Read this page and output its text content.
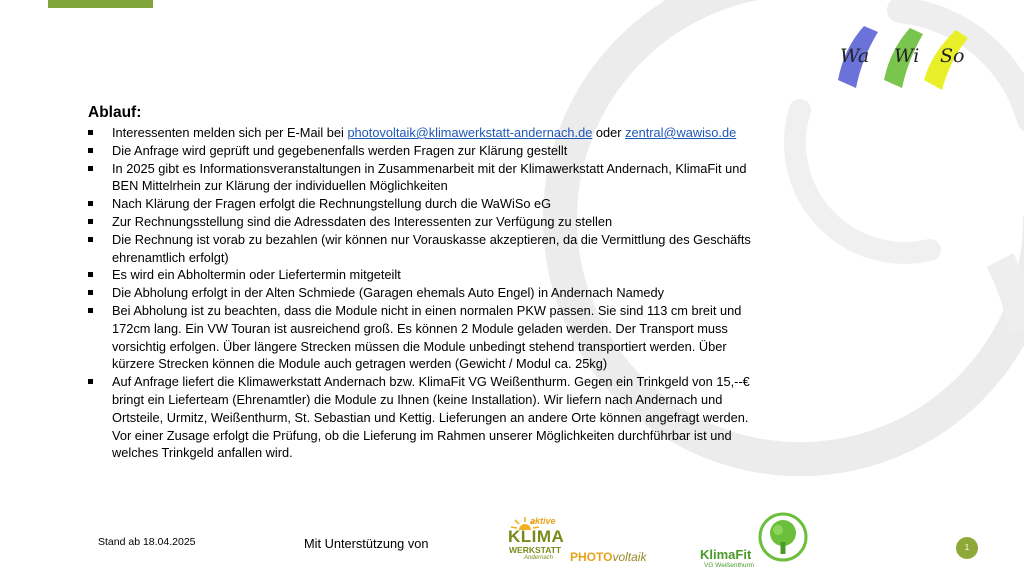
Wa Wi So
Ablauf:
Interessenten melden sich per E-Mail bei photovoltaik@klimawerkstatt-andernach.de oder zentral@wawiso.de
Die Anfrage wird geprüft und gegebenenfalls werden Fragen zur Klärung gestellt
In 2025 gibt es Informationsveranstaltungen in Zusammenarbeit mit der Klimawerkstatt Andernach, KlimaFit und BEN Mittelrhein zur Klärung der individuellen Möglichkeiten
Nach Klärung der Fragen erfolgt die Rechnungstellung durch die WaWiSo eG
Zur Rechnungsstellung sind die Adressdaten des Interessenten zur Verfügung zu stellen
Die Rechnung ist vorab zu bezahlen (wir können nur Vorauskasse akzeptieren, da die Vermittlung des Geschäfts ehrenamtlich erfolgt)
Es wird ein Abholtermin oder Liefertermin mitgeteilt
Die Abholung erfolgt in der Alten Schmiede (Garagen ehemals Auto Engel) in Andernach Namedy
Bei Abholung ist zu beachten, dass die Module nicht in einen normalen PKW passen. Sie sind 113 cm breit und 172cm lang. Ein VW Touran ist ausreichend groß. Es können 2 Module geladen werden. Der Transport muss vorsichtig erfolgen. Über längere Strecken müssen die Module unbedingt stehend transportiert werden. Über kürzere Strecken können die Module auch getragen werden (Gewicht / Modul ca. 25kg)
Auf Anfrage liefert die Klimawerkstatt Andernach bzw. KlimaFit VG Weißenthurm. Gegen ein Trinkgeld von 15,--€ bringt ein Lieferteam (Ehrenamtler) die Module zu Ihnen (keine Installation). Wir liefern nach Andernach und Ortsteile, Urmitz, Weißenthurm, St. Sebastian und Kettig. Lieferungen an andere Orte können angefragt werden. Vor einer Zusage erfolgt die Prüfung, ob die Lieferung im Rahmen unserer Möglichkeiten durchführbar ist und welches Trinkgeld anfallen wird.
Stand ab 18.04.2025	Mit Unterstützung von
aktive
KLIMA
WERKSTATT
Andernach PHOTOvoltaik	KlimaFit
VG Weißenthurm
1
